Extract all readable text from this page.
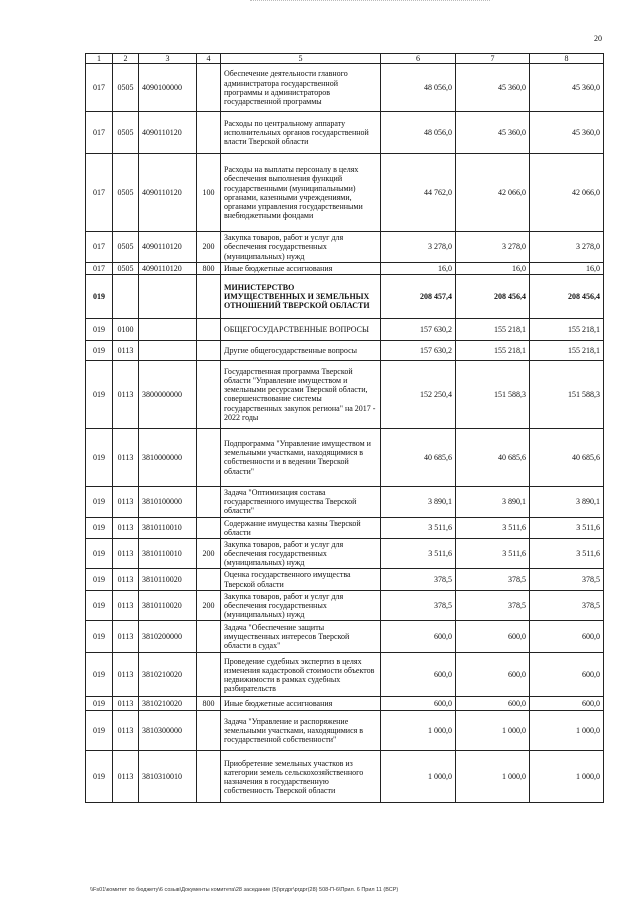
20
1	2	3	4	5	6	7	8
017	0505	4090100000		Обеспечение деятельности главного администратора государственной программы и администраторов государственной программы	48 056,0	45 360,0	45 360,0
017	0505	4090110120		Расходы по центральному аппарату исполнительных органов государственной власти Тверской области	48 056,0	45 360,0	45 360,0
017	0505	4090110120	100	Расходы на выплаты персоналу в целях обеспечения выполнения функций государственными (муниципальными) органами, казенными учреждениями, органами управления государственными внебюджетными фондами	44 762,0	42 066,0	42 066,0
017	0505	4090110120	200	Закупка товаров, работ и услуг для обеспечения государственных (муниципальных) нужд	3 278,0	3 278,0	3 278,0
017	0505	4090110120	800	Иные бюджетные ассигнования	16,0	16,0	16,0
019				МИНИСТЕРСТВО ИМУЩЕСТВЕННЫХ И ЗЕМЕЛЬНЫХ ОТНОШЕНИЙ ТВЕРСКОЙ ОБЛАСТИ	208 457,4	208 456,4	208 456,4
019	0100			ОБЩЕГОСУДАРСТВЕННЫЕ ВОПРОСЫ	157 630,2	155 218,1	155 218,1
019	0113			Другие общегосударственные вопросы	157 630,2	155 218,1	155 218,1
019	0113	3800000000		Государственная программа Тверской области "Управление имуществом и земельными ресурсами Тверской области, совершенствование системы государственных закупок региона" на 2017 - 2022 годы	152 250,4	151 588,3	151 588,3
019	0113	3810000000		Подпрограмма "Управление имуществом и земельными участками, находящимися в собственности и в ведении Тверской области"	40 685,6	40 685,6	40 685,6
019	0113	3810100000		Задача "Оптимизация состава государственного имущества Тверской области"	3 890,1	3 890,1	3 890,1
019	0113	3810110010		Содержание имущества казны Тверской области	3 511,6	3 511,6	3 511,6
019	0113	3810110010	200	Закупка товаров, работ и услуг для обеспечения государственных (муниципальных) нужд	3 511,6	3 511,6	3 511,6
019	0113	3810110020		Оценка государственного имущества Тверской области	378,5	378,5	378,5
019	0113	3810110020	200	Закупка товаров, работ и услуг для обеспечения государственных (муниципальных) нужд	378,5	378,5	378,5
019	0113	3810200000		Задача "Обеспечение защиты имущественных интересов Тверской области в судах"	600,0	600,0	600,0
019	0113	3810210020		Проведение судебных экспертиз в целях изменения кадастровой стоимости объектов недвижимости в рамках судебных разбирательств	600,0	600,0	600,0
019	0113	3810210020	800	Иные бюджетные ассигнования	600,0	600,0	600,0
019	0113	3810300000		Задача "Управление и распоряжение земельными участками, находящимися в государственной собственности"	1 000,0	1 000,0	1 000,0
019	0113	3810310010		Приобретение земельных участков из категории земель сельскохозяйственного назначения в государственную собственность Тверской области	1 000,0	1 000,0	1 000,0
\\Fs01\комитет по бюджету\6 созыв\Документы комитета\28 заседание (5)\ргдрг\ргдрг(28) 508-П-6\Прил. 6 Прил 11 (ВСР)
